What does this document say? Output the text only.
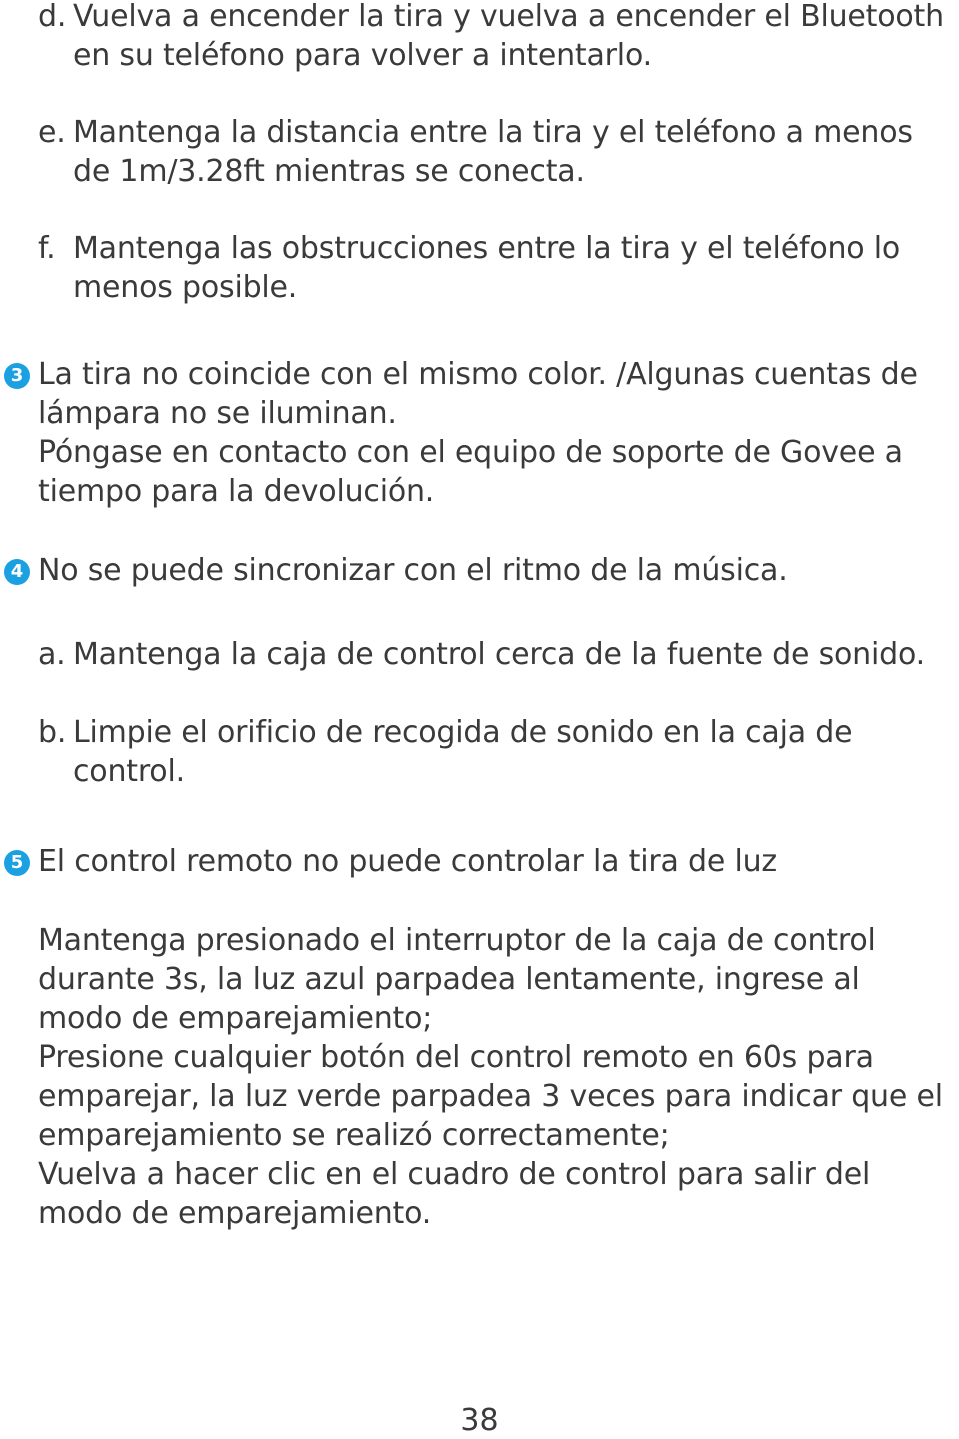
d. Vuelva a encender la tira y vuelva a encender el Bluetooth en su teléfono para volver a intentarlo.

e. Mantenga la distancia entre la tira y el teléfono a menos de 1m/3.28ft mientras se conecta.

f. Mantenga las obstrucciones entre la tira y el teléfono lo menos posible.

3 La tira no coincide con el mismo color. /Algunas cuentas de lámpara no se iluminan.

Póngase en contacto con el equipo de soporte de Govee a tiempo para la devolución.

4 No se puede sincronizar con el ritmo de la música.

a. Mantenga la caja de control cerca de la fuente de sonido.

b. Limpie el orificio de recogida de sonido en la caja de control.

5 El control remoto no puede controlar la tira de luz

Mantenga presionado el interruptor de la caja de control durante 3s, la luz azul parpadea lentamente, ingrese al modo de emparejamiento;

Presione cualquier botón del control remoto en 60s para emparejar, la luz verde parpadea 3 veces para indicar que el emparejamiento se realizó correctamente;

Vuelva a hacer clic en el cuadro de control para salir del modo de emparejamiento.

38
